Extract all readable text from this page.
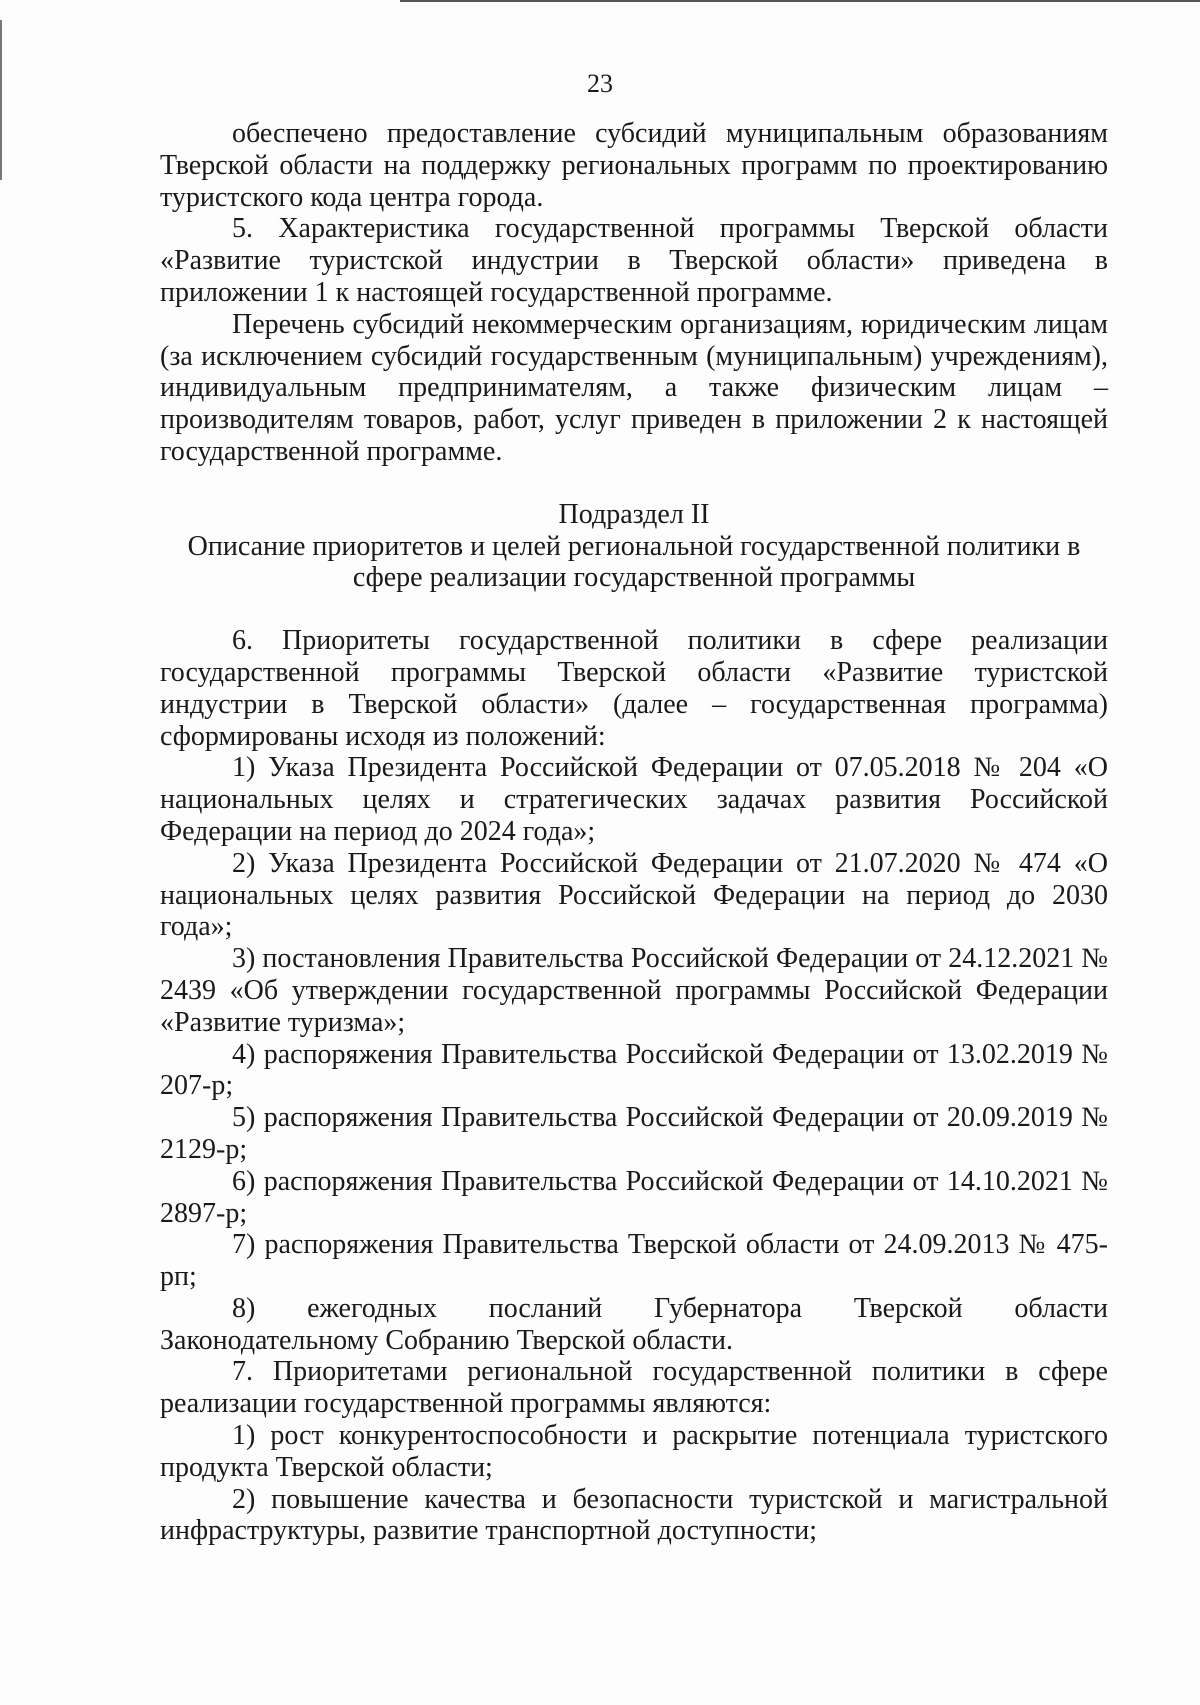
23

обеспечено предоставление субсидий муниципальным образованиям Тверской области на поддержку региональных программ по проектированию туристского кода центра города.

5. Характеристика государственной программы Тверской области «Развитие туристской индустрии в Тверской области» приведена в приложении 1 к настоящей государственной программе.

Перечень субсидий некоммерческим организациям, юридическим лицам (за исключением субсидий государственным (муниципальным) учреждениям), индивидуальным предпринимателям, а также физическим лицам – производителям товаров, работ, услуг приведен в приложении 2 к настоящей государственной программе.

Подраздел II

Описание приоритетов и целей региональной государственной политики в сфере реализации государственной программы

6. Приоритеты государственной политики в сфере реализации государственной программы Тверской области «Развитие туристской индустрии в Тверской области» (далее – государственная программа) сформированы исходя из положений:

1) Указа Президента Российской Федерации от 07.05.2018 № 204 «О национальных целях и стратегических задачах развития Российской Федерации на период до 2024 года»;

2) Указа Президента Российской Федерации от 21.07.2020 № 474 «О национальных целях развития Российской Федерации на период до 2030 года»;

3) постановления Правительства Российской Федерации от 24.12.2021 № 2439 «Об утверждении государственной программы Российской Федерации «Развитие туризма»;

4) распоряжения Правительства Российской Федерации от 13.02.2019 № 207-р;

5) распоряжения Правительства Российской Федерации от 20.09.2019 № 2129-р;

6) распоряжения Правительства Российской Федерации от 14.10.2021 № 2897-р;

7) распоряжения Правительства Тверской области от 24.09.2013 № 475-рп;

8) ежегодных посланий Губернатора Тверской области Законодательному Собранию Тверской области.

7. Приоритетами региональной государственной политики в сфере реализации государственной программы являются:

1) рост конкурентоспособности и раскрытие потенциала туристского продукта Тверской области;

2) повышение качества и безопасности туристской и магистральной инфраструктуры, развитие транспортной доступности;
